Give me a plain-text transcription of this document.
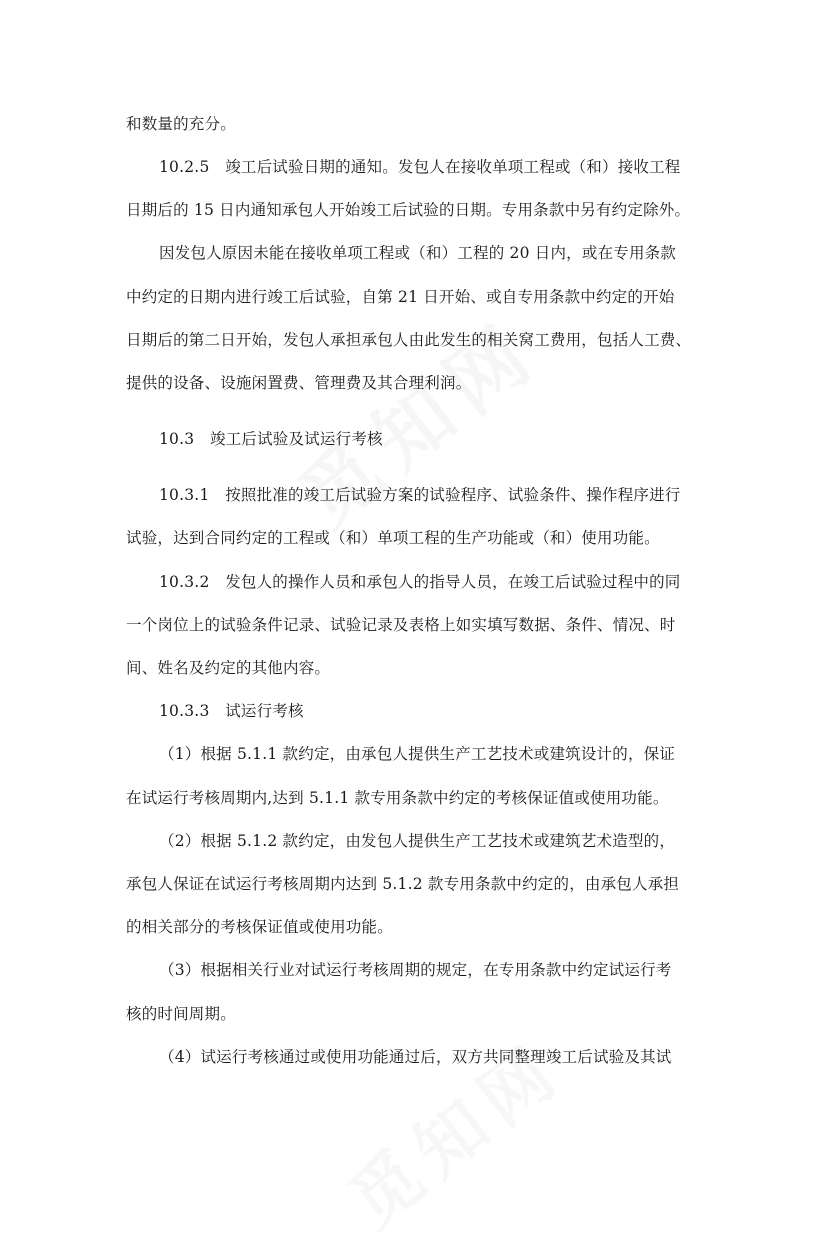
和数量的充分。
10.2.5　竣工后试验日期的通知。发包人在接收单项工程或（和）接收工程
日期后的 15 日内通知承包人开始竣工后试验的日期。专用条款中另有约定除外。
因发包人原因未能在接收单项工程或（和）工程的 20 日内，或在专用条款
中约定的日期内进行竣工后试验，自第 21 日开始、或自专用条款中约定的开始
日期后的第二日开始，发包人承担承包人由此发生的相关窝工费用，包括人工费、
提供的设备、设施闲置费、管理费及其合理利润。
10.3　竣工后试验及试运行考核
10.3.1　按照批准的竣工后试验方案的试验程序、试验条件、操作程序进行
试验，达到合同约定的工程或（和）单项工程的生产功能或（和）使用功能。
10.3.2　发包人的操作人员和承包人的指导人员，在竣工后试验过程中的同
一个岗位上的试验条件记录、试验记录及表格上如实填写数据、条件、情况、时
间、姓名及约定的其他内容。
10.3.3　试运行考核
（1）根据 5.1.1 款约定，由承包人提供生产工艺技术或建筑设计的，保证
在试运行考核周期内,达到 5.1.1 款专用条款中约定的考核保证值或使用功能。
（2）根据 5.1.2 款约定，由发包人提供生产工艺技术或建筑艺术造型的，
承包人保证在试运行考核周期内达到 5.1.2 款专用条款中约定的，由承包人承担
的相关部分的考核保证值或使用功能。
（3）根据相关行业对试运行考核周期的规定，在专用条款中约定试运行考
核的时间周期。
（4）试运行考核通过或使用功能通过后，双方共同整理竣工后试验及其试
